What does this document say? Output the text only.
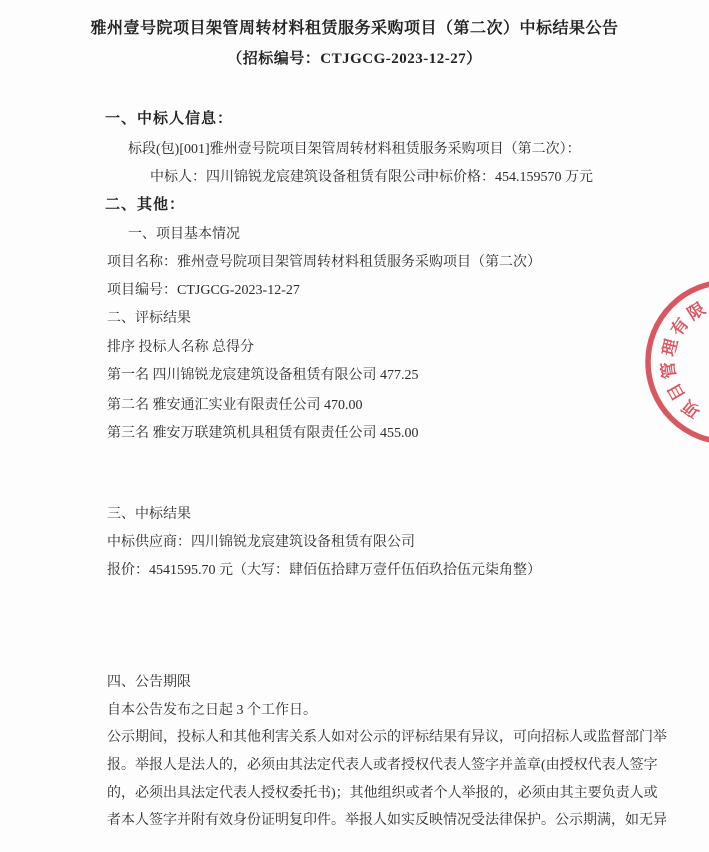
雅州壹号院项目架管周转材料租赁服务采购项目（第二次）中标结果公告
（招标编号：CTJGCG-2023-12-27）
一、中标人信息：
标段(包)[001]雅州壹号院项目架管周转材料租赁服务采购项目（第二次）：
中标人：四川锦锐龙宸建筑设备租赁有限公司
中标价格：454.159570 万元
二、其他：
一、项目基本情况
项目名称：雅州壹号院项目架管周转材料租赁服务采购项目（第二次）
项目编号：CTJGCG-2023-12-27
二、评标结果
排序 投标人名称 总得分
第一名 四川锦锐龙宸建筑设备租赁有限公司 477.25
第二名 雅安通汇实业有限责任公司 470.00
第三名 雅安万联建筑机具租赁有限责任公司 455.00
三、中标结果
中标供应商：四川锦锐龙宸建筑设备租赁有限公司
报价：4541595.70 元（大写：肆佰伍拾肆万壹仟伍佰玖拾伍元柒角整）
四、公告期限
自本公告发布之日起 3 个工作日。
公示期间，投标人和其他利害关系人如对公示的评标结果有异议，可向招标人或监督部门举
报。举报人是法人的，必须由其法定代表人或者授权代表人签字并盖章(由授权代表人签字
的，必须出具法定代表人授权委托书)；其他组织或者个人举报的，必须由其主要负责人或
者本人签字并附有效身份证明复印件。举报人如实反映情况受法律保护。公示期满，如无异
项
目
管
理
有
限
